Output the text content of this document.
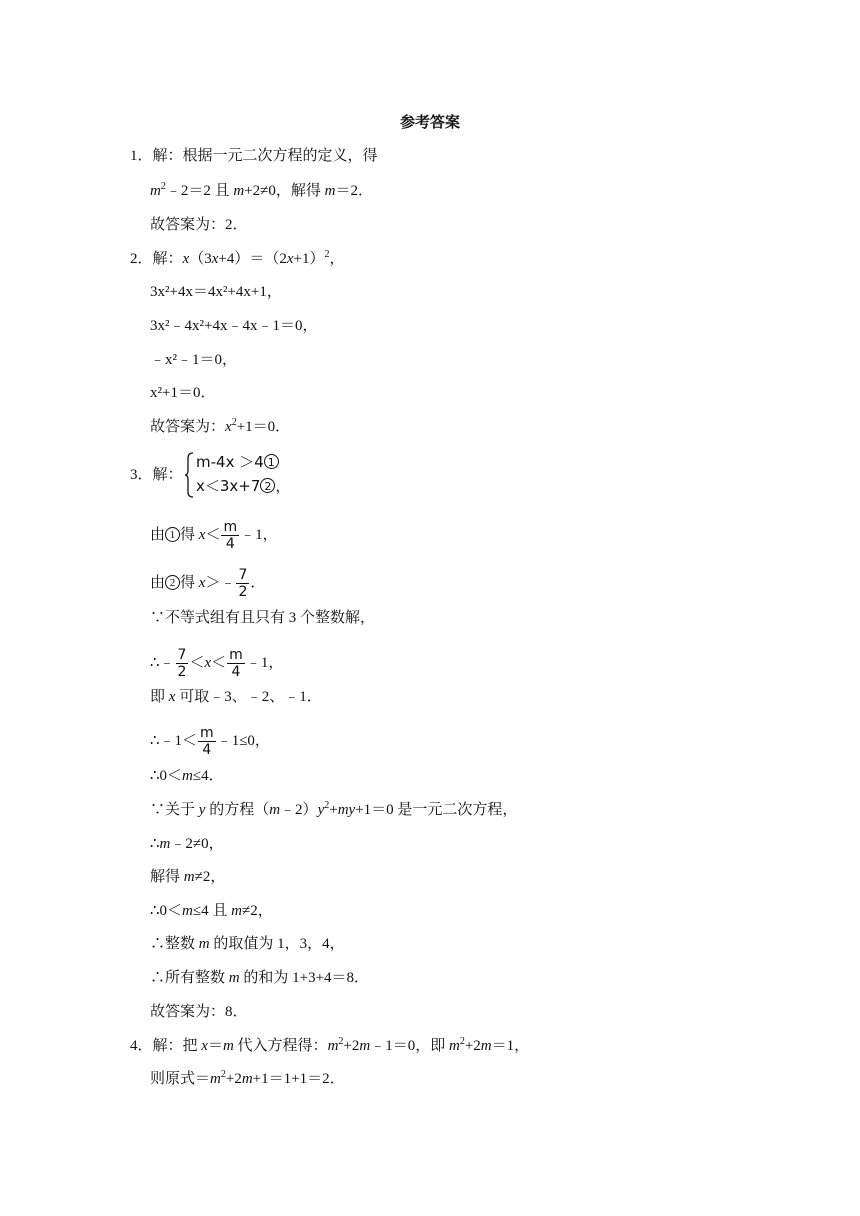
参考答案
1．解：根据一元二次方程的定义，得
$m^2﹣2=2$ 且 m+2≠0，解得 m＝2．
故答案为：2．
2．解：$x(3x+4)=(2x+1)^2$，
3x²+4x＝4x²+4x+1，
3x²﹣4x²+4x﹣4x﹣1＝0，
﹣x²﹣1＝0，
x²+1＝0．
故答案为：$x^2+1=0$．
3．解：
m-4x ＞4 1
x＜3x+7 2 ，
由 1 得 $x< \frac{m}{4}$ ﹣1，
由 2 得 x＞﹣ $\frac{7}{2}$ ．
∵不等式组有且只有 3 个整数解，
∴﹣ $\frac{7}{2} <x< \frac{m}{4}$ ﹣1，
即 x 可取﹣3、﹣2、﹣1．
∴﹣1＜ $\frac{m}{4}$ ﹣1≤0，
∴0＜m≤4．
∵关于 y 的方程$(m﹣2)y^2+my+1=0$ 是一元二次方程，
∴m﹣2≠0，
解得 m≠2，
∴0＜m≤4 且 m≠2，
∴整数 m 的取值为 1，3，4，
∴所有整数 m 的和为 1+3+4＝8．
故答案为：8．
4．解：把 x＝m 代入方程得：$m^2+2m﹣1=0$，即 $m^2+2m=1$，
则原式$=m^2+2m+1=1+1=2$．
